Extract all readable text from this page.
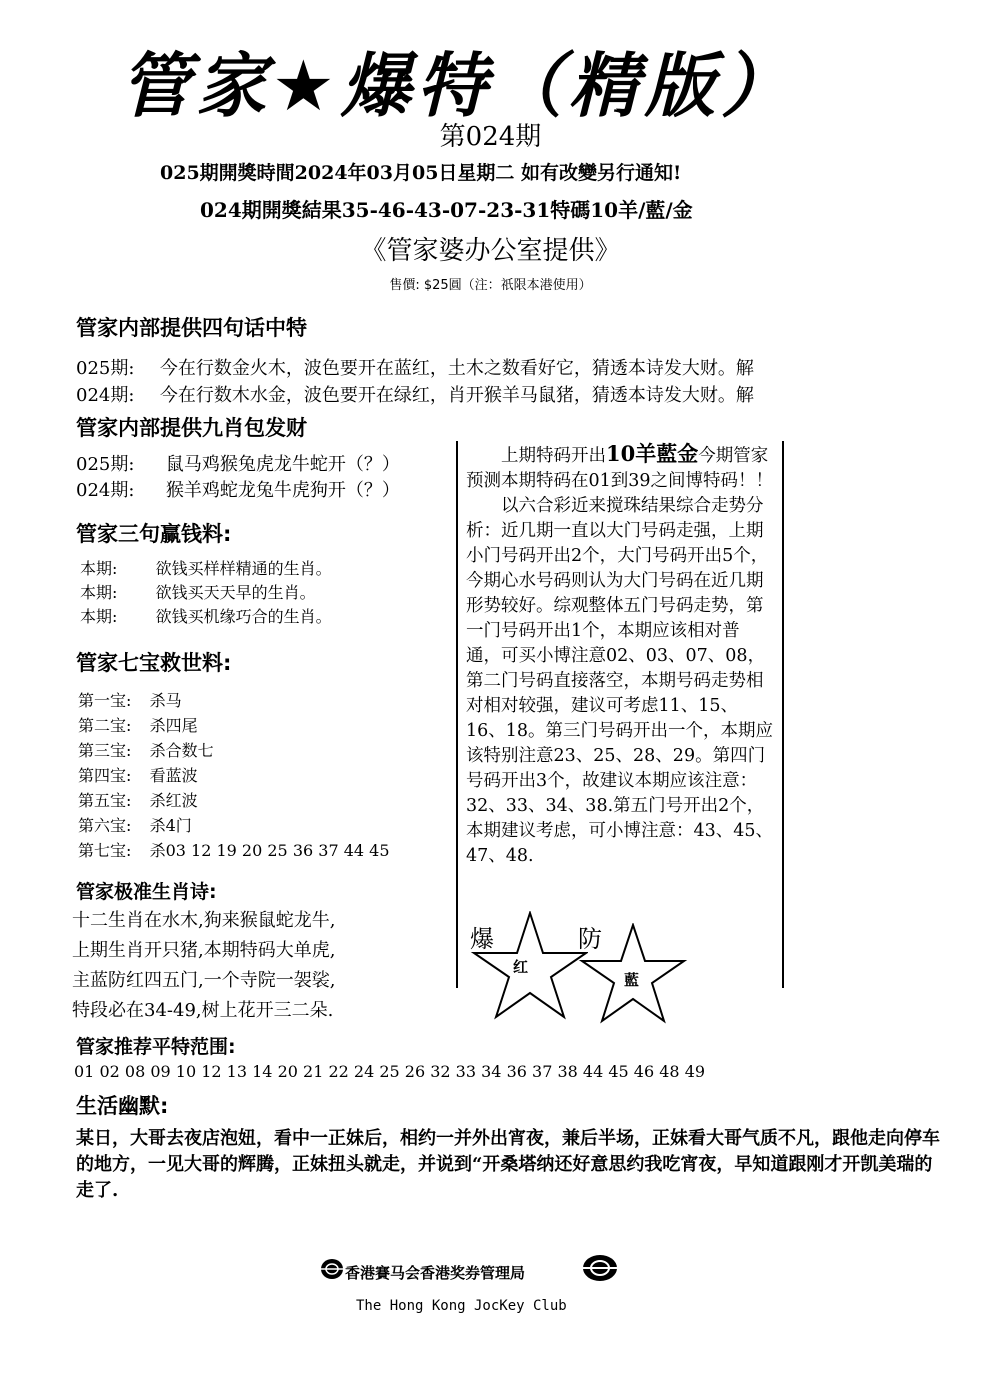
管家★爆特（精版）
第024期
025期開獎時間2024年03月05日星期二 如有改變另行通知!
024期開獎結果35-46-43-07-23-31特碼10羊/藍/金
《管家婆办公室提供》
售價: $25圓（注：祇限本港使用）
管家内部提供四句话中特
025期: 今在行数金火木，波色要开在蓝红，土木之数看好它，猜透本诗发大财。解
024期: 今在行数木水金，波色要开在绿红，肖开猴羊马鼠猪，猜透本诗发大财。解
管家内部提供九肖包发财
025期: 鼠马鸡猴兔虎龙牛蛇开（？）
024期: 猴羊鸡蛇龙兔牛虎狗开（？）
管家三句赢钱料:
本期: 欲钱买样样精通的生肖。
本期: 欲钱买天天早的生肖。
本期: 欲钱买机缘巧合的生肖。
管家七宝救世料:
第一宝: 杀马
第二宝: 杀四尾
第三宝: 杀合数七
第四宝: 看蓝波
第五宝: 杀红波
第六宝: 杀4门
第七宝: 杀03 12 19 20 25 36 37 44 45
管家极准生肖诗:
十二生肖在水木,狗来猴鼠蛇龙牛,
上期生肖开只猪,本期特码大单虎,
主蓝防红四五门,一个寺院一袈裟,
特段必在34-49,树上花开三二朵.

上期特码开出10羊藍金今期管家预测本期特码在01到39之间博特码！！

以六合彩近来搅珠结果综合走势分析：近几期一直以大门号码走强，上期小门号码开出2个，大门号码开出5个，今期心水号码则认为大门号码在近几期形势较好。综观整体五门号码走势，第一门号码开出1个，本期应该相对普通，可买小博注意02、03、07、08，第二门号码直接落空，本期号码走势相对相对较强，建议可考虑11、15、16、18。第三门号码开出一个，本期应该特别注意23、25、28、29。第四门号码开出3个，故建议本期应该注意：32、33、34、38.第五门号开出2个，本期建议考虑，可小博注意：43、45、47、48.

爆	防
红
藍
管家推荐平特范围:
01 02 08 09 10 12 13 14 20 21 22 24 25 26 32 33 34 36 37 38 44 45 46 48 49
生活幽默:
某日，大哥去夜店泡妞，看中一正妹后，相约一并外出宵夜，兼后半场，正妹看大哥气质不凡，跟他走向停车的地方，一见大哥的辉腾，正妹扭头就走，并说到“开桑塔纳还好意思约我吃宵夜，早知道跟刚才开凯美瑞的走了.
香港賽马会香港奖券管理局
The Hong Kong JocKey Club
